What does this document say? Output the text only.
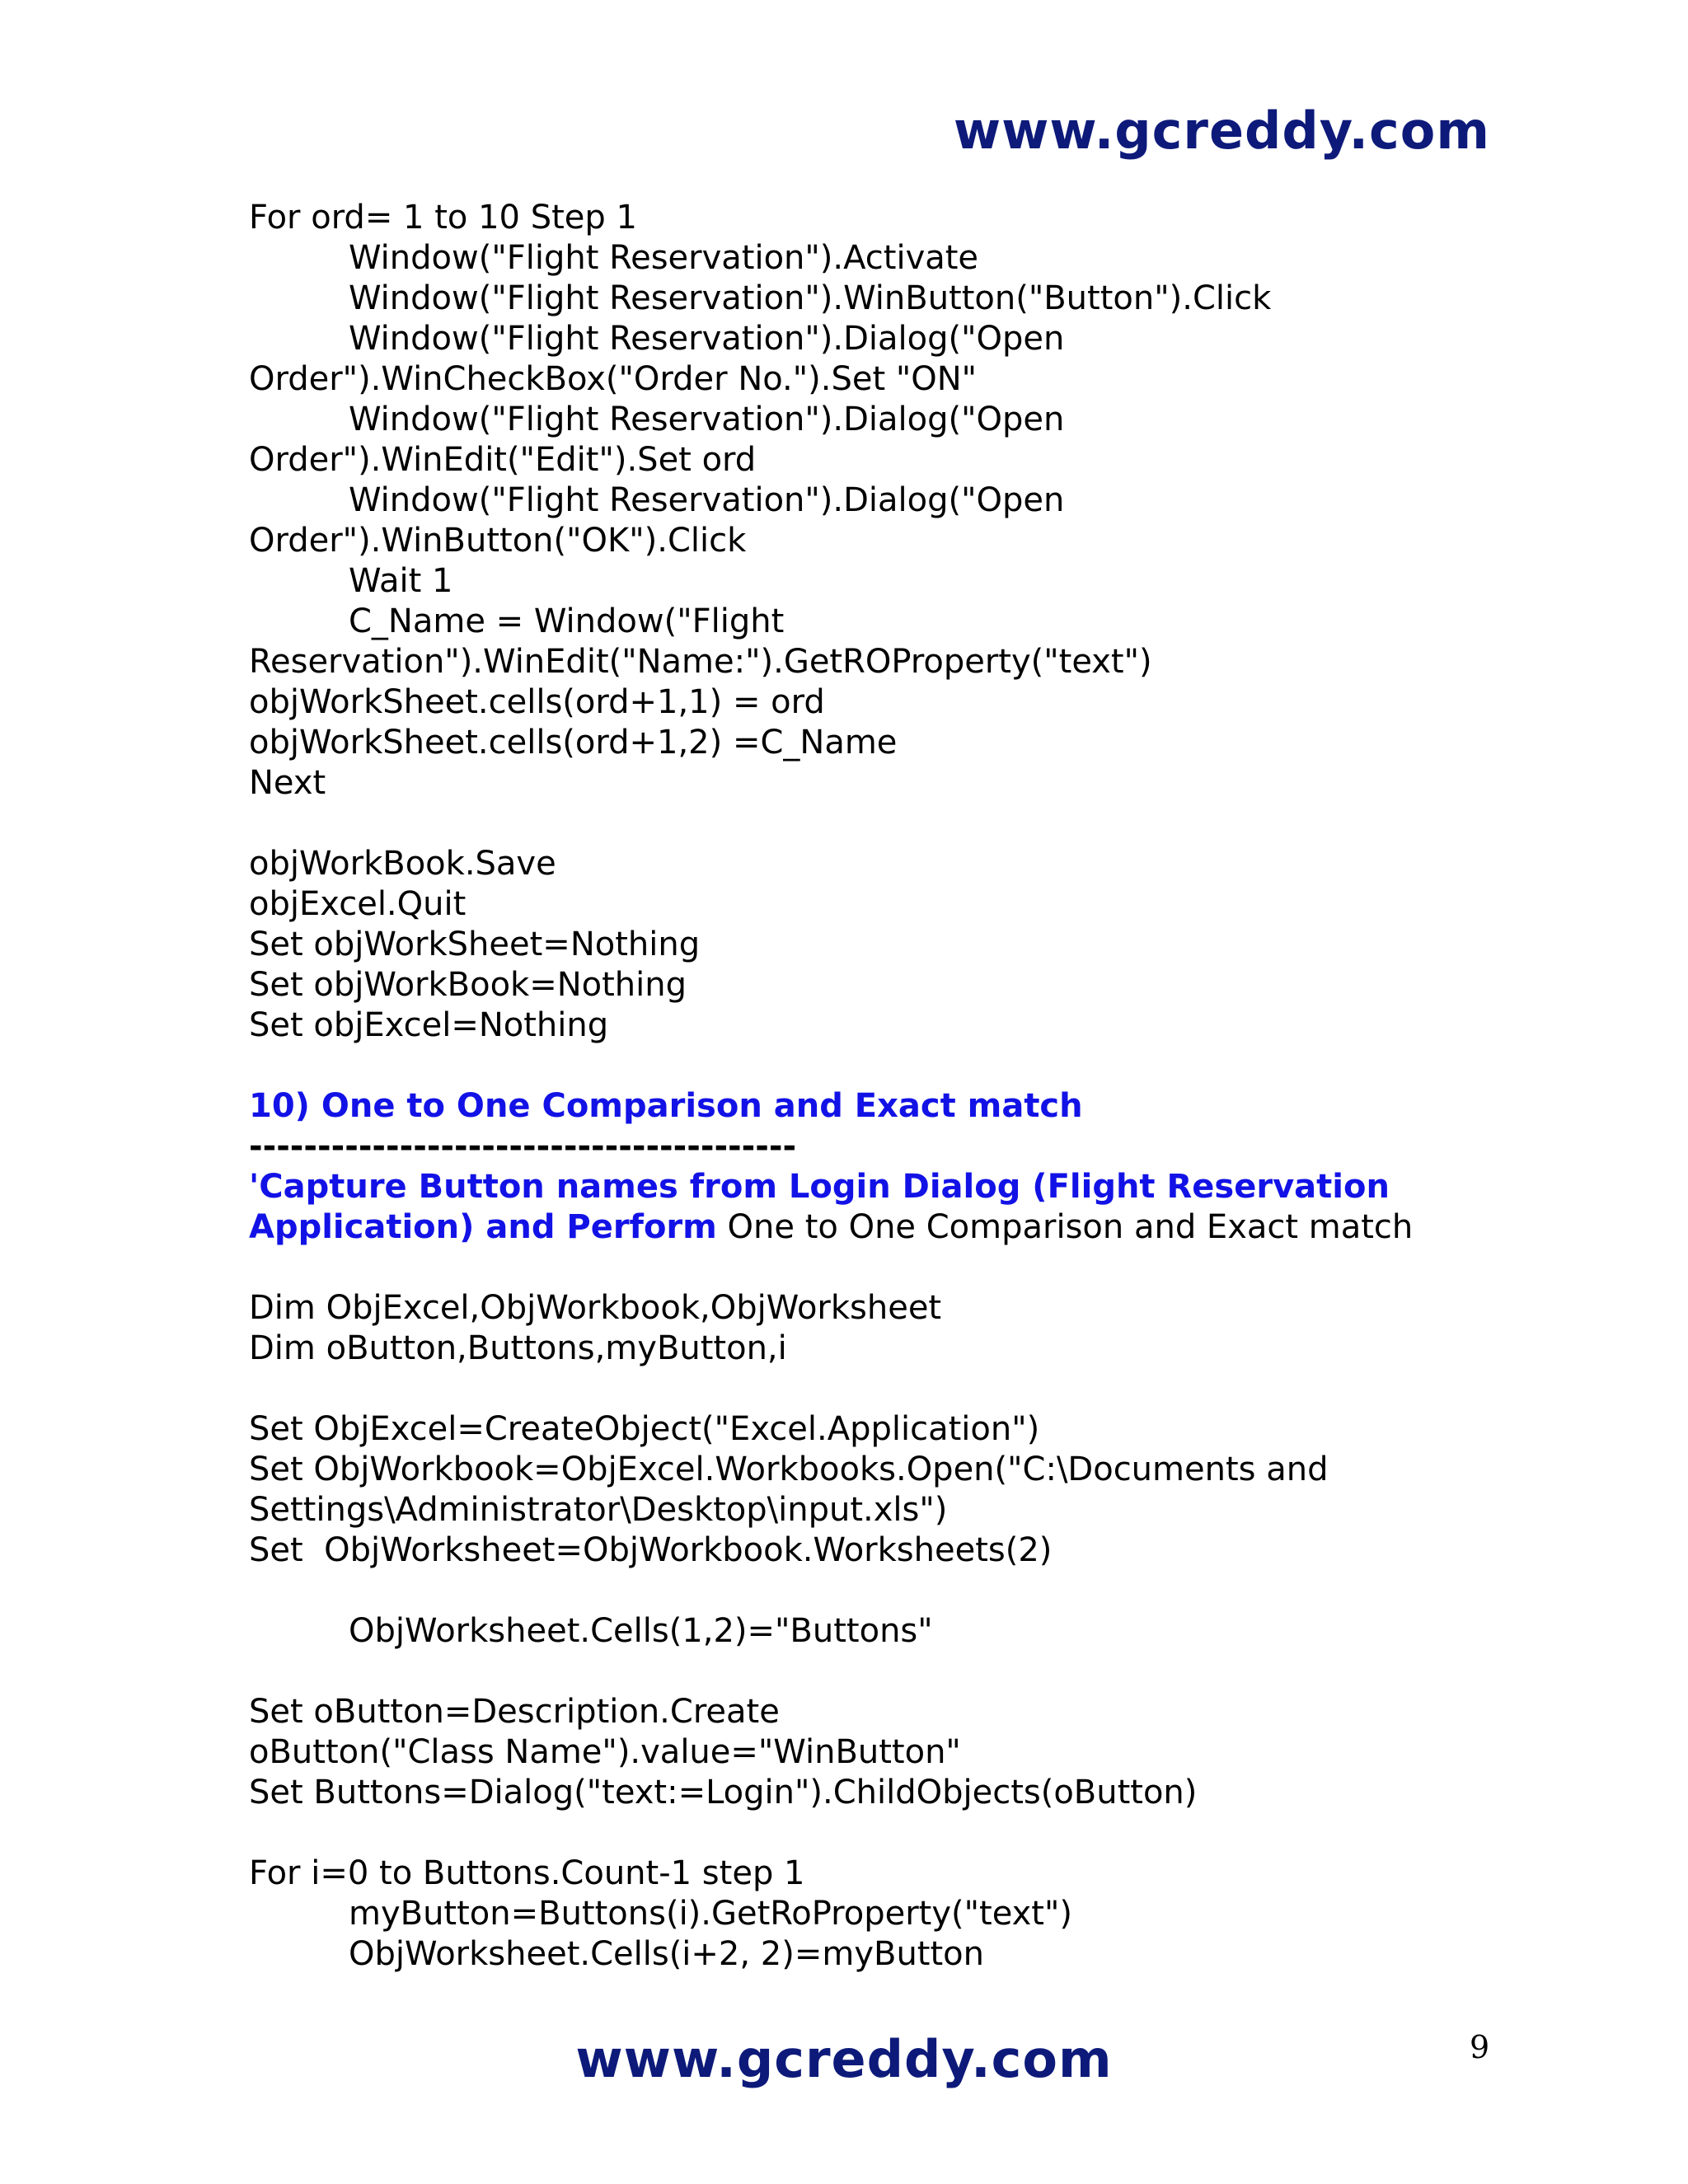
www.gcreddy.com
For ord= 1 to 10 Step 1
Window("Flight Reservation").Activate
Window("Flight Reservation").WinButton("Button").Click
Window("Flight Reservation").Dialog("Open
Order").WinCheckBox("Order No.").Set "ON"
Window("Flight Reservation").Dialog("Open
Order").WinEdit("Edit").Set ord
Window("Flight Reservation").Dialog("Open
Order").WinButton("OK").Click
Wait 1
C_Name = Window("Flight
Reservation").WinEdit("Name:").GetROProperty("text")
objWorkSheet.cells(ord+1,1) = ord
objWorkSheet.cells(ord+1,2) =C_Name
Next
objWorkBook.Save
objExcel.Quit
Set objWorkSheet=Nothing
Set objWorkBook=Nothing
Set objExcel=Nothing
10) One to One Comparison and Exact match
----------------------------------------
'Capture Button names from Login Dialog (Flight Reservation
Application) and Perform One to One Comparison and Exact match
Dim ObjExcel,ObjWorkbook,ObjWorksheet
Dim oButton,Buttons,myButton,i
Set ObjExcel=CreateObject("Excel.Application")
Set ObjWorkbook=ObjExcel.Workbooks.Open("C:\Documents and
Settings\Administrator\Desktop\input.xls")
Set  ObjWorksheet=ObjWorkbook.Worksheets(2)
ObjWorksheet.Cells(1,2)="Buttons"
Set oButton=Description.Create
oButton("Class Name").value="WinButton"
Set Buttons=Dialog("text:=Login").ChildObjects(oButton)
For i=0 to Buttons.Count-1 step 1
myButton=Buttons(i).GetRoProperty("text")
ObjWorksheet.Cells(i+2, 2)=myButton
www.gcreddy.com	9
